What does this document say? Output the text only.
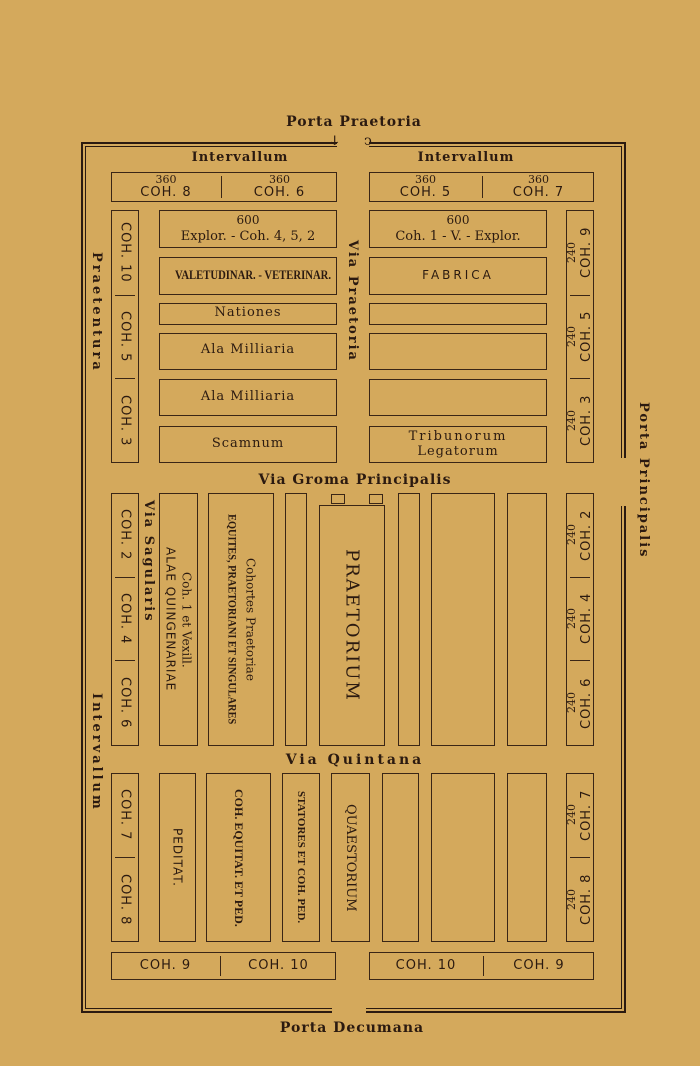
ↆ ↄ
Porta Praetoria
Porta Decumana
Porta Principalis
Intervallum	Intervallum
Praetentura
Intervallum
360
COH. 8
360
COH. 6
360
COH. 5
360
COH. 7
COH. 10
COH. 5
COH. 3
600
Explor. - Coh. 4, 5, 2
VALETUDINAR. - VETERINAR.
Nationes
Ala Milliaria
Ala Milliaria
Scamnum
Via Praetoria
600
Coh. 1 - V. - Explor.
FABRICA
Tribunorum
Legatorum
240 COH. 9
240 COH. 5
240 COH. 3
Via Groma Principalis
COH. 2
COH. 4
COH. 6
Via Sagularis ALAE QUINGENARIAE Coh. 1 et Vexill.	EQUITES, PRAETORIANI ET SINGULARES Cohortes Praetoriae	PRAETORIUM
240 COH. 2
240 COH. 4
240 COH. 6
Via Quintana
COH. 7
COH. 8
PEDITAT.	COH. EQUITAT. ET PED.	STATORES ET COH. PED.	QUAESTORIUM	240 COH. 7
240 COH. 8
COH. 9	COH. 10	COH. 10	COH. 9
